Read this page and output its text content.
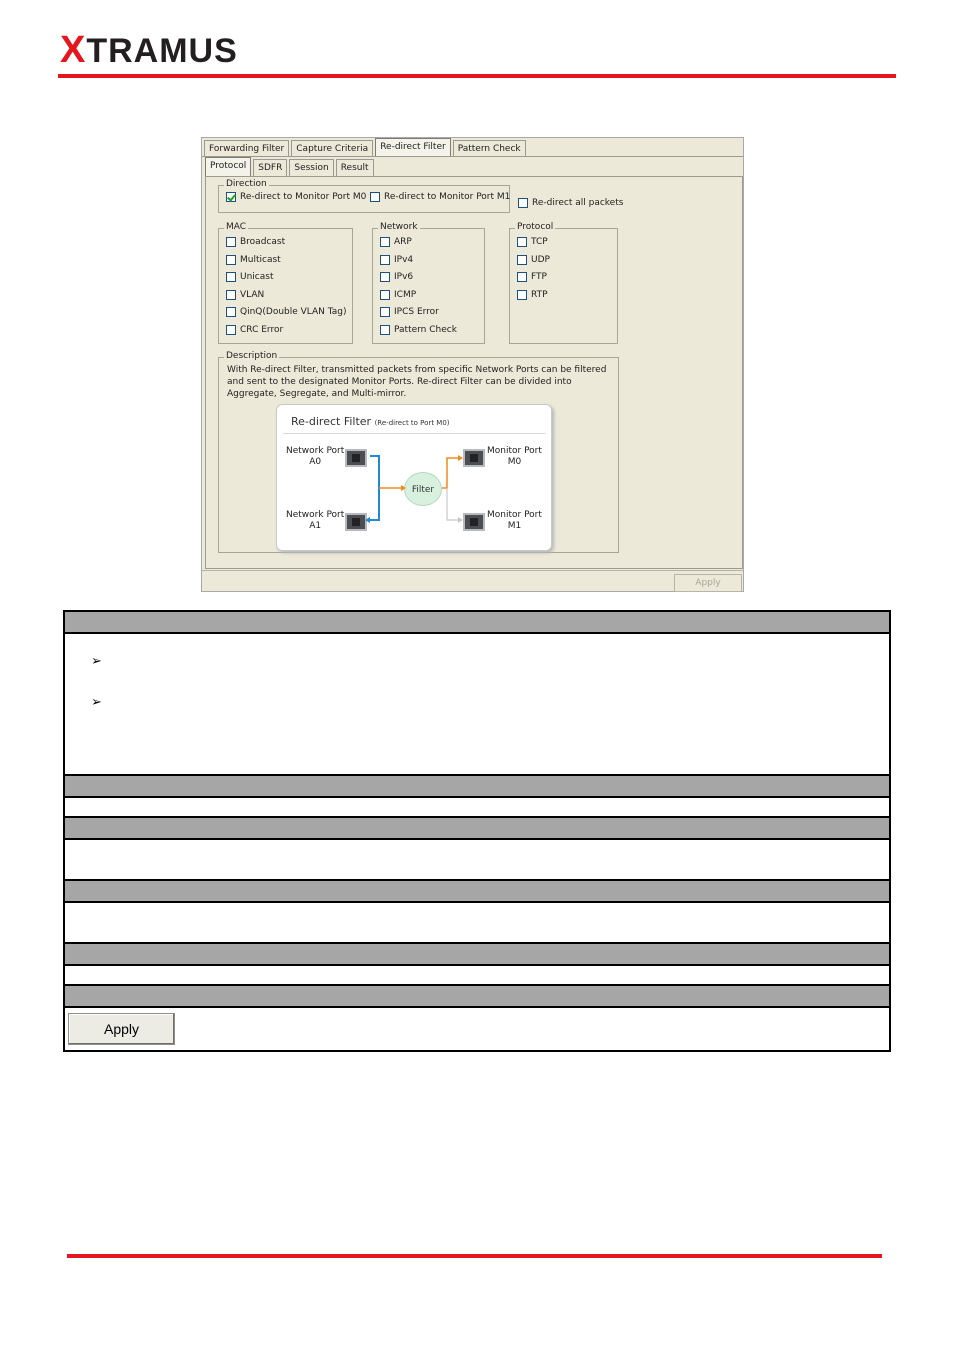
XTRAMUS
Forwarding Filter	Capture Criteria	Re-direct Filter	Pattern Check
Protocol	SDFR	Session	Result
Direction
Re-direct to Monitor Port M0 Re-direct to Monitor Port M1
Re-direct all packets
MAC
Broadcast
Multicast
Unicast
VLAN
QinQ(Double VLAN Tag)
CRC Error
Network
ARP
IPv4
IPv6
ICMP
IPCS Error
Pattern Check
Protocol
TCP
UDP
FTP
RTP
Description
With Re-direct Filter, transmitted packets from specific Network Ports can be filtered and sent to the designated Monitor Ports. Re-direct Filter can be divided into Aggregate, Segregate, and Multi-mirror.
Re-direct Filter (Re-direct to Port M0)
Network Port
A0
Network Port
A1
Filter
Monitor Port
M0
Monitor Port
M1
Apply
➢
➢
Apply
